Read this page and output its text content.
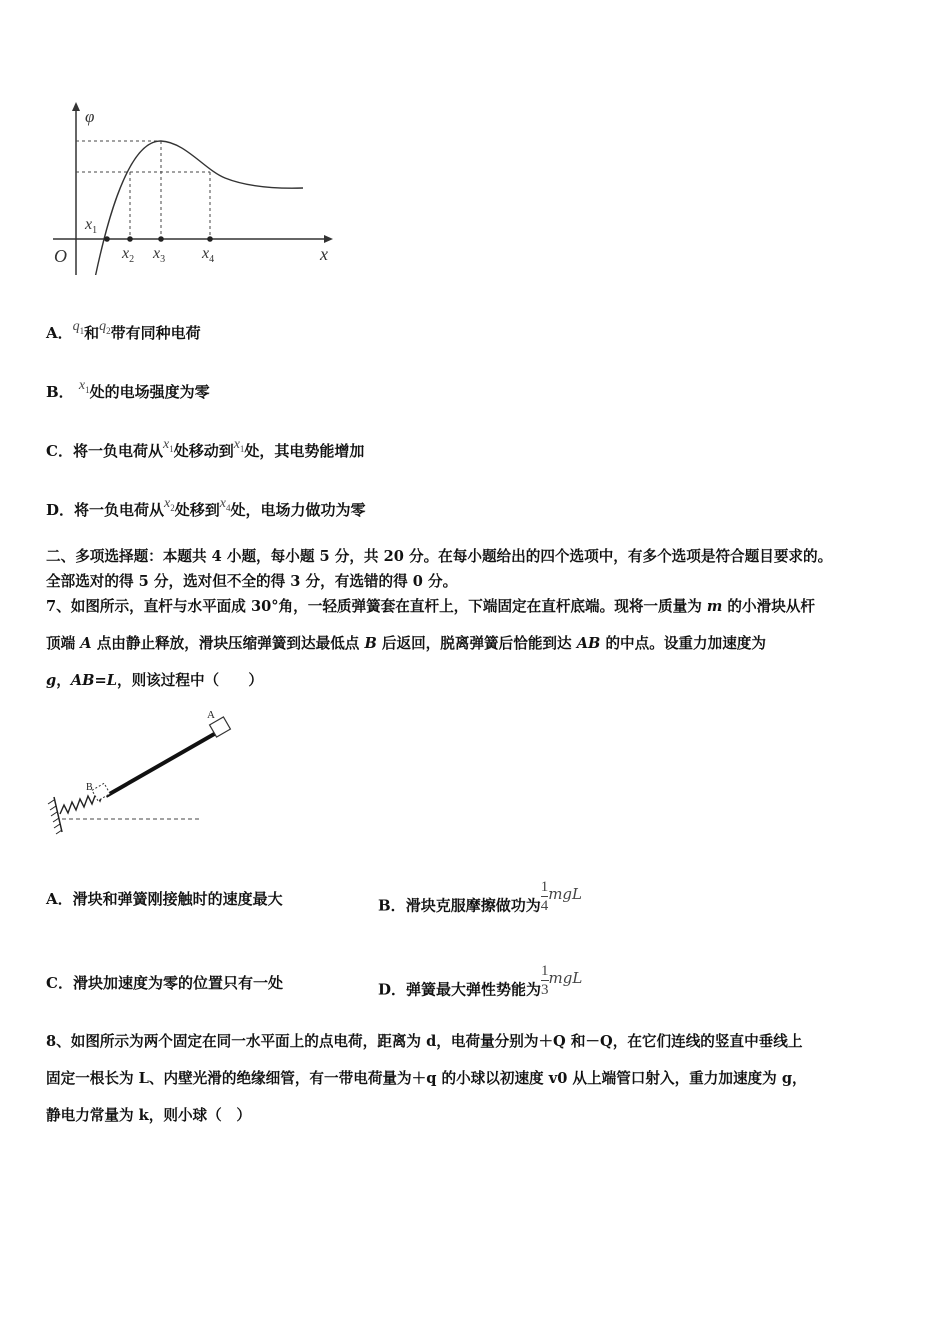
φ
O	x
$x_1$
$x_2$ $x_3$ $x_4$
A．$q_1$和$q_2$带有同种电荷
B． $x_1$处的电场强度为零
C．将一负电荷从$x_1$处移动到$x_1$处，其电势能增加
D．将一负电荷从$x_2$处移到$x_4$处，电场力做功为零
二、多项选择题：本题共 4 小题，每小题 5 分，共 20 分。在每小题给出的四个选项中，有多个选项是符合题目要求的。
全部选对的得 5 分，选对但不全的得 3 分，有选错的得 0 分。
7、如图所示，直杆与水平面成 30°角，一轻质弹簧套在直杆上，下端固定在直杆底端。现将一质量为 m 的小滑块从杆
顶端 A 点由静止释放，滑块压缩弹簧到达最低点 B 后返回，脱离弹簧后恰能到达 AB 的中点。设重力加速度为
g，AB=L，则该过程中（　　）
A
B
A．滑块和弹簧刚接触时的速度最大	B．滑块克服摩擦做功为 $\frac{1}{4}$ mgL
C．滑块加速度为零的位置只有一处	D．弹簧最大弹性势能为 $\frac{1}{3}$ mgL
8、如图所示为两个固定在同一水平面上的点电荷，距离为 d，电荷量分别为＋Q 和－Q，在它们连线的竖直中垂线上
固定一根长为 L、内壁光滑的绝缘细管，有一带电荷量为＋q 的小球以初速度 v0 从上端管口射入，重力加速度为 g，
静电力常量为 k，则小球（　）
